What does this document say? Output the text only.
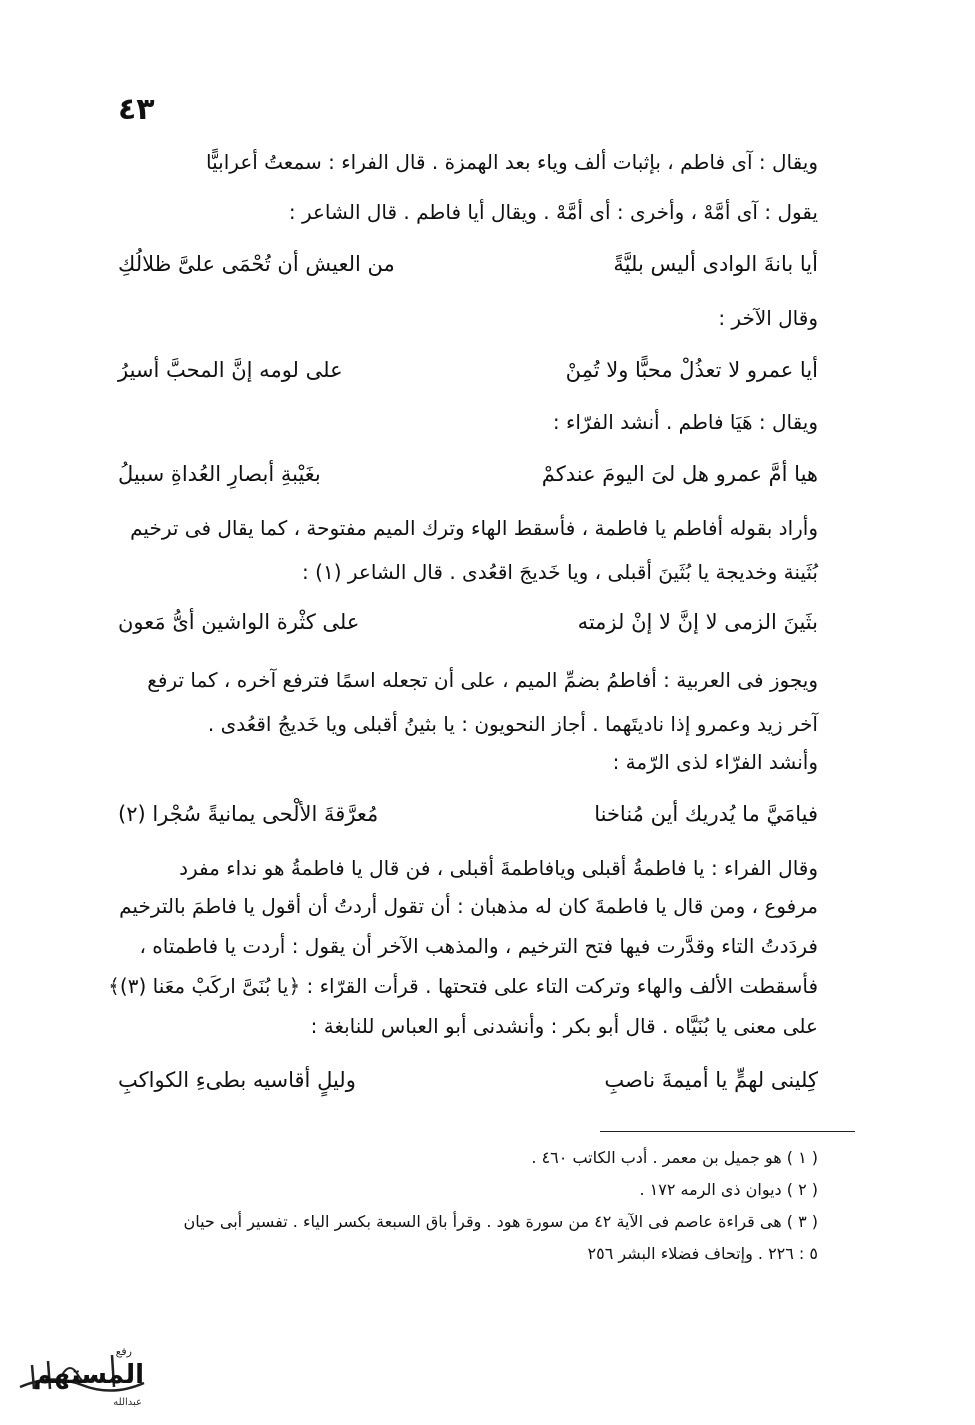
٤٣
ويقال : آى فاطم ، بإثبات ألف وياء بعد الهمزة . قال الفراء : سمعتُ أعرابيًّا
يقول : آى أمَّهْ ، وأخرى : أى أمَّهْ . ويقال أيا فاطم . قال الشاعر :
أيا بانةَ الوادى أليس بليَّةً
من العيش أن تُحْمَى علىَّ ظلالُكِ
وقال الآخر :
أيا عمرو لا تعذُلْ محبًّا ولا تُمِنْ
على لومه إنَّ المحبَّ أسيرُ
ويقال : هَيَا فاطم . أنشد الفرّاء :
هيا أمَّ عمرو هل لىَ اليومَ عندكمْ
بغَيْبةِ أبصارِ العُداةِ سبيلُ
وأراد بقوله أفاطم يا فاطمة ، فأسقط الهاء وترك الميم مفتوحة ، كما يقال فى ترخيم
بُثَينة وخديجة يا بُثَينَ أقبلى ، ويا خَديجَ اقعُدى . قال الشاعر (١) :
بثَينَ الزمى لا إنَّ لا إنْ لزمته
على كثْرة الواشين أىُّ مَعون
ويجوز فى العربية : أفاطمُ بضمِّ الميم ، على أن تجعله اسمًا فترفع آخره ، كما ترفع
آخر زيد وعمرو إذا ناديتَهما . أجاز النحويون : يا بثينُ أقبلى ويا خَديجُ اقعُدى .
وأنشد الفرّاء لذى الرّمة :
فيامَيَّ ما يُدريك أين مُناخنا
مُعرَّقةَ الألْحى يمانيةً سُجْرا (٢)
وقال الفراء : يا فاطمةُ أقبلى ويافاطمةَ أقبلى ، فن قال يا فاطمةُ هو نداء مفرد
مرفوع ، ومن قال يا فاطمةَ كان له مذهبان : أن تقول أردتُ أن أقول يا فاطمَ بالترخيم
فردَدتُ التاء وقدَّرت فيها فتح الترخيم ، والمذهب الآخر أن يقول : أردت يا فاطمتاه ،
فأسقطت الألف والهاء وتركت التاء على فتحتها . قرأت القرّاء : ﴿يا بُنَىَّ اركَبْ معَنا (٣)﴾
على معنى يا بُنَيَّاه . قال أبو بكر : وأنشدنى أبو العباس للنابغة :
كِلينى لهمٍّ يا أميمةَ ناصبِ
وليلٍ أقاسيه بطىءِ الكواكبِ
( ١ ) هو جميل بن معمر . أدب الكاتب ٤٦٠ .
( ٢ ) ديوان ذى الرمه ١٧٢ .
( ٣ ) هى قراءة عاصم فى الآية ٤٢ من سورة هود . وقرأ باق السبعة بكسر الياء . تفسير أبى حيان
٥ : ٢٢٦ . وإتحاف فضلاء البشر ٢٥٦
رفع
المستهم
عبدالله
